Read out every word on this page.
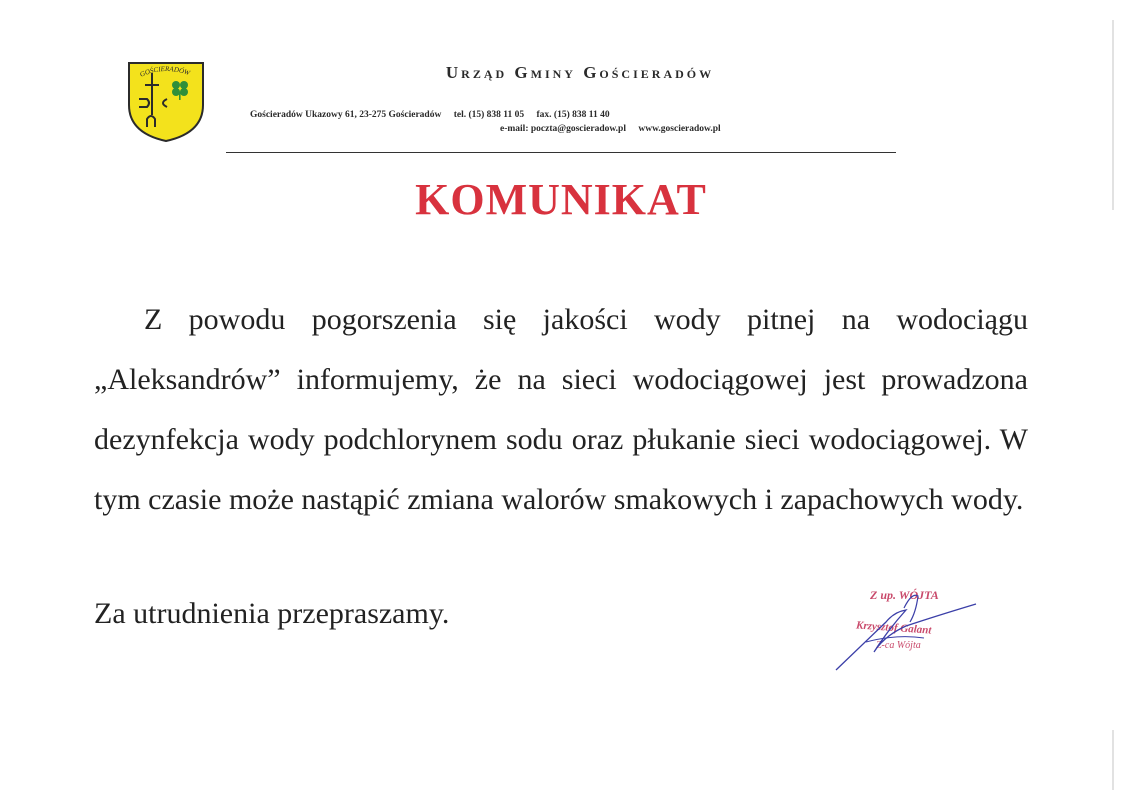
GOŚCIERADÓW	Urząd Gminy Gościeradów
Gościeradów Ukazowy 61, 23-275 Gościeradów tel. (15) 838 11 05 fax. (15) 838 11 40
e-mail: poczta@goscieradow.pl www.goscieradow.pl
KOMUNIKAT
Z powodu pogorszenia się jakości wody pitnej na wodociągu „Aleksandrów” informujemy, że na sieci wodociągowej jest prowadzona dezynfekcja wody podchlorynem sodu oraz płukanie sieci wodociągowej. W tym czasie może nastąpić zmiana walorów smakowych i zapachowych wody.
Za utrudnienia przepraszamy.
Z up. WÓJTA
Krzysztof Galant
Z-ca Wójta
